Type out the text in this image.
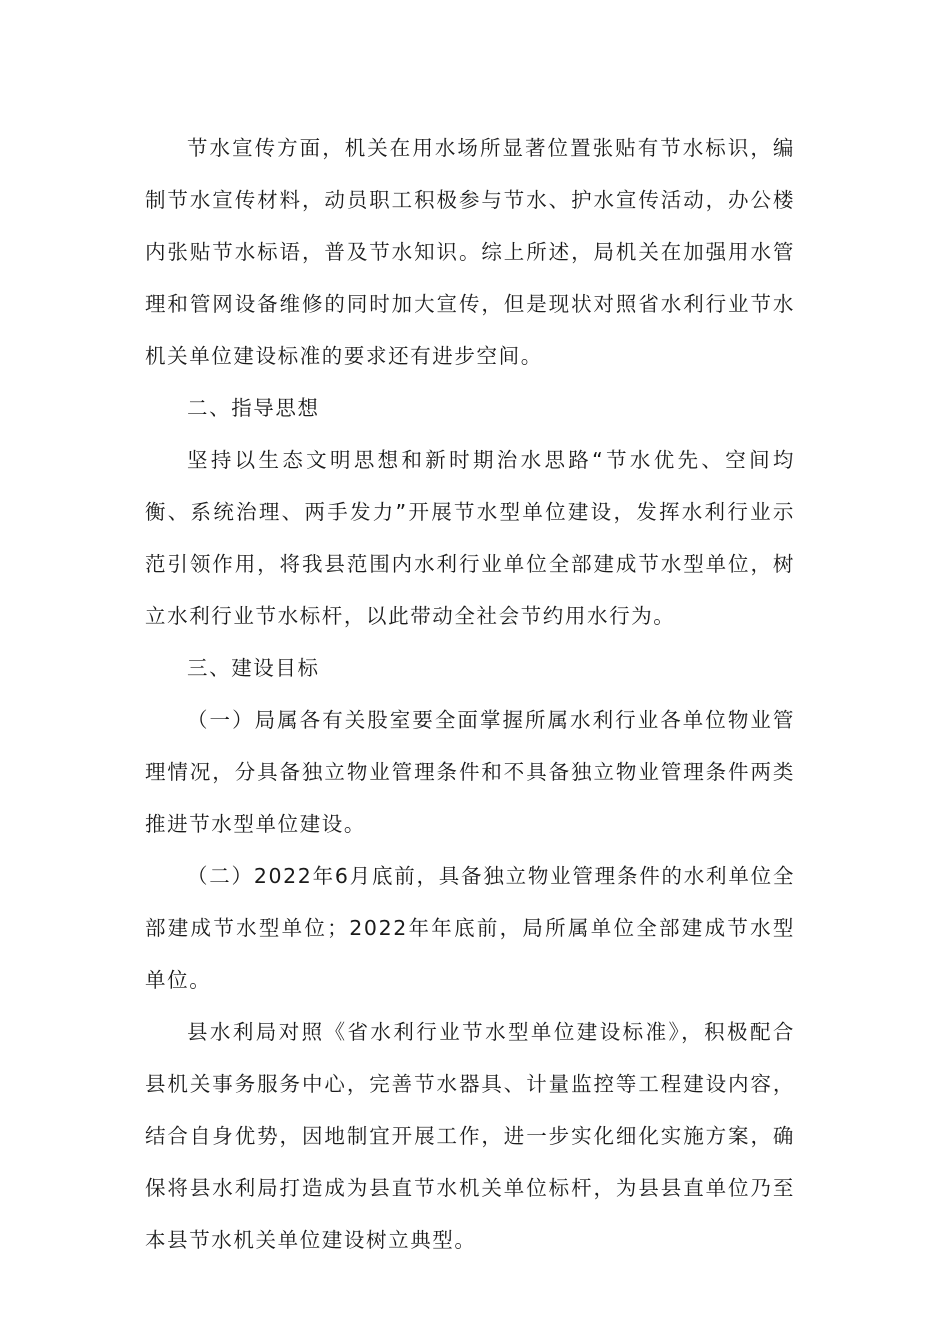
节水宣传方面，机关在用水场所显著位置张贴有节水标识，编制节水宣传材料，动员职工积极参与节水、护水宣传活动，办公楼内张贴节水标语，普及节水知识。综上所述，局机关在加强用水管理和管网设备维修的同时加大宣传，但是现状对照省水利行业节水机关单位建设标准的要求还有进步空间。

二、指导思想

坚持以生态文明思想和新时期治水思路“节水优先、空间均衡、系统治理、两手发力”开展节水型单位建设，发挥水利行业示范引领作用，将我县范围内水利行业单位全部建成节水型单位，树立水利行业节水标杆，以此带动全社会节约用水行为。

三、建设目标

（一）局属各有关股室要全面掌握所属水利行业各单位物业管理情况，分具备独立物业管理条件和不具备独立物业管理条件两类推进节水型单位建设。

（二）2022年6月底前，具备独立物业管理条件的水利单位全部建成节水型单位；2022年年底前，局所属单位全部建成节水型单位。

县水利局对照《省水利行业节水型单位建设标准》，积极配合县机关事务服务中心，完善节水器具、计量监控等工程建设内容，结合自身优势，因地制宜开展工作，进一步实化细化实施方案，确保将县水利局打造成为县直节水机关单位标杆，为县县直单位乃至本县节水机关单位建设树立典型。
